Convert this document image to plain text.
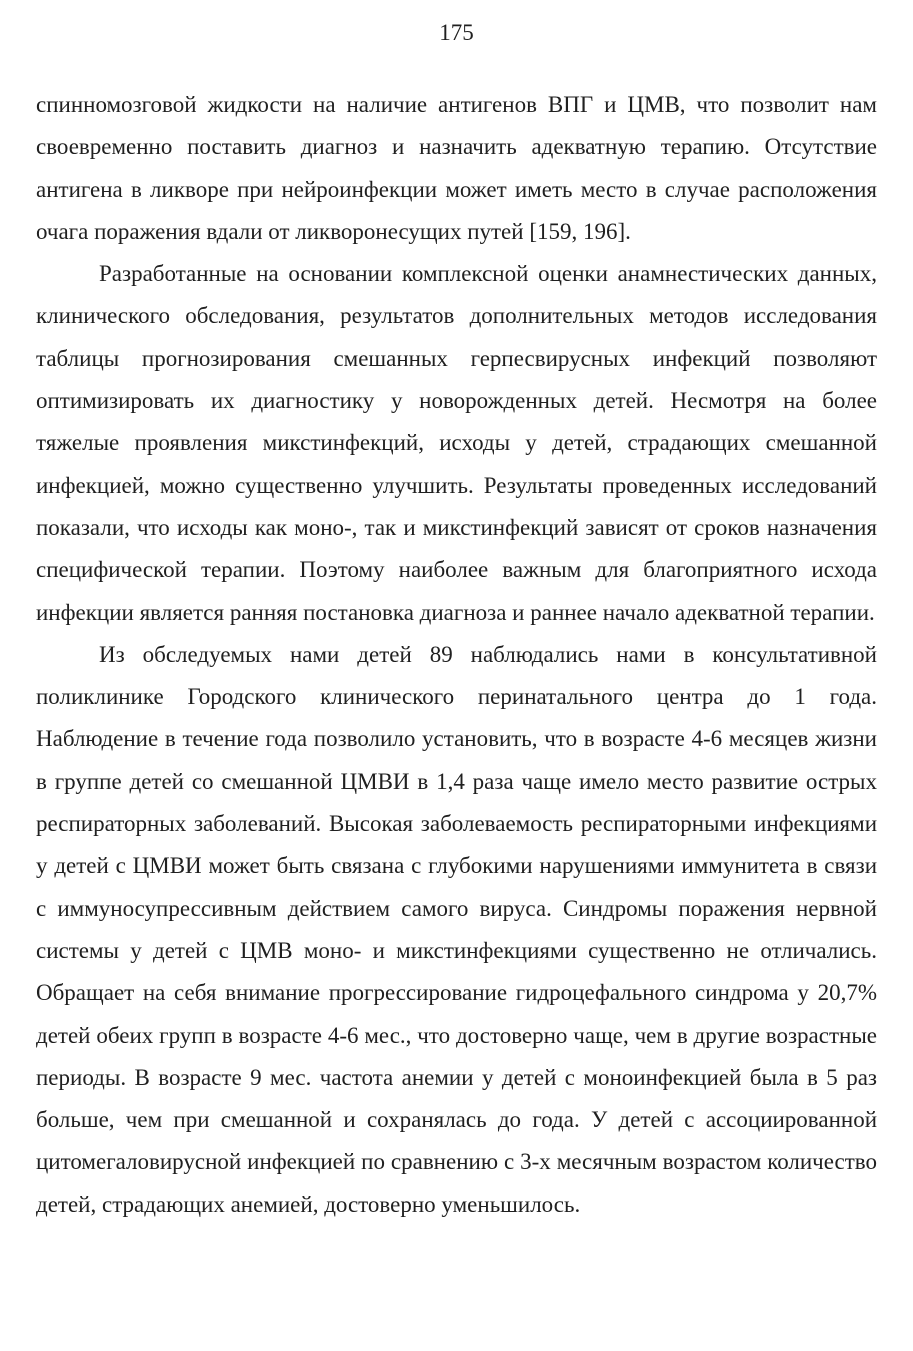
175

спинномозговой жидкости на наличие антигенов ВПГ и ЦМВ, что позволит нам своевременно поставить диагноз и назначить адекватную терапию. Отсутствие антигена в ликворе при нейроинфекции может иметь место в случае расположения очага поражения вдали от ликворонесущих путей [159, 196].

Разработанные на основании комплексной оценки анамнестических данных, клинического обследования, результатов дополнительных методов исследования таблицы прогнозирования смешанных герпесвирусных инфекций позволяют оптимизировать их диагностику у новорожденных детей. Несмотря на более тяжелые проявления микстинфекций, исходы у детей, страдающих смешанной инфекцией, можно существенно улучшить. Результаты проведенных исследований показали, что исходы как моно-, так и микстинфекций зависят от сроков назначения специфической терапии. Поэтому наиболее важным для благоприятного исхода инфекции является ранняя постановка диагноза и раннее начало адекватной терапии.

Из обследуемых нами детей 89 наблюдались нами в консультативной поликлинике Городского клинического перинатального центра до 1 года. Наблюдение в течение года позволило установить, что в возрасте 4-6 месяцев жизни в группе детей со смешанной ЦМВИ в 1,4 раза чаще имело место развитие острых респираторных заболеваний. Высокая заболеваемость респираторными инфекциями у детей с ЦМВИ может быть связана с глубокими нарушениями иммунитета в связи с иммуносупрессивным действием самого вируса. Синдромы поражения нервной системы у детей с ЦМВ моно- и микстинфекциями существенно не отличались. Обращает на себя внимание прогрессирование гидроцефального синдрома у 20,7% детей обеих групп в возрасте 4-6 мес., что достоверно чаще, чем в другие возрастные периоды. В возрасте 9 мес. частота анемии у детей с моноинфекцией была в 5 раз больше, чем при смешанной и сохранялась до года. У детей с ассоциированной цитомегаловирусной инфекцией по сравнению с 3-х месячным возрастом количество детей, страдающих анемией, достоверно уменьшилось.
